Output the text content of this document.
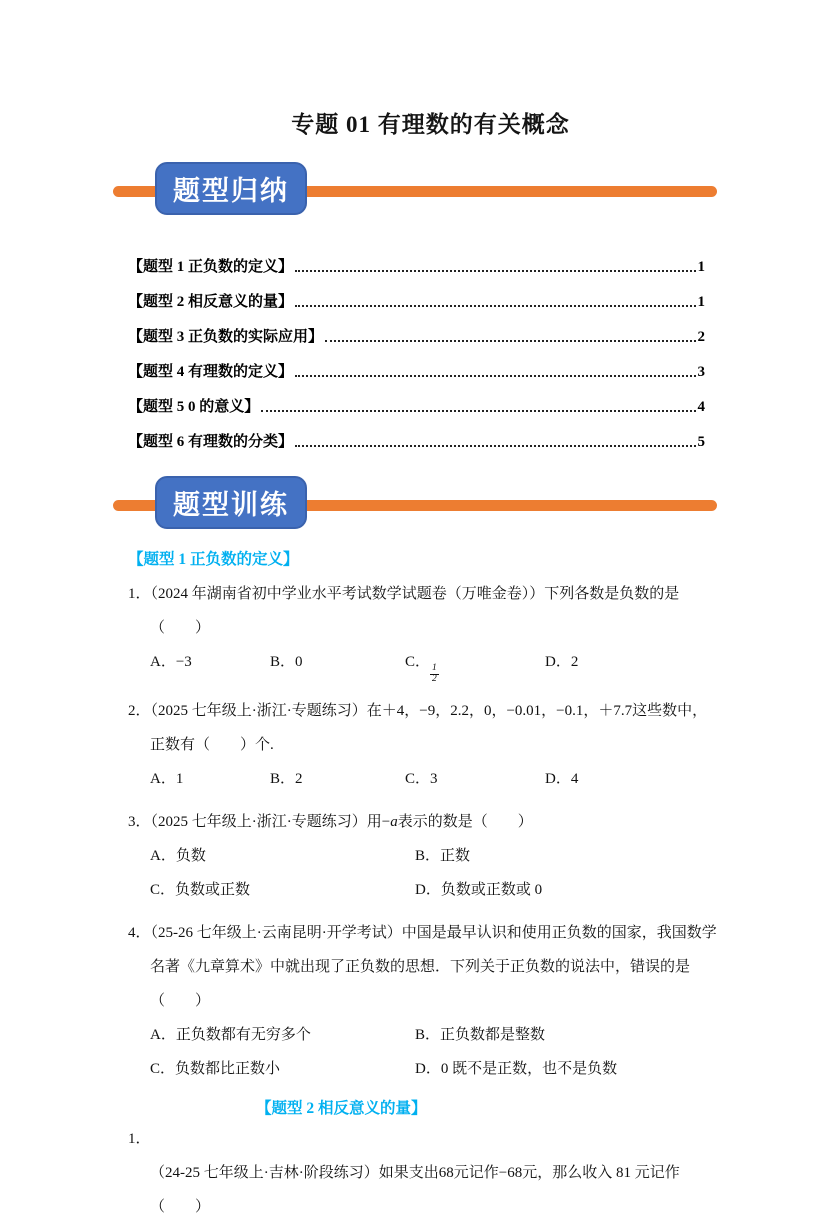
专题 01 有理数的有关概念
题型归纳
【题型 1 正负数的定义】	1
【题型 2 相反意义的量】	1
【题型 3 正负数的实际应用】	2
【题型 4 有理数的定义】	3
【题型 5 0 的意义】	4
【题型 6 有理数的分类】	5
题型训练
【题型 1 正负数的定义】
1．（2024 年湖南省初中学业水平考试数学试题卷（万唯金卷））下列各数是负数的是
（　　）
A．−3	B．0	C．
$\frac{1}{2}$
D．2
2．（2025 七年级上·浙江·专题练习）在＋4，−9，2.2，0，−0.01，−0.1，＋7.7这些数中，
正数有（　　）个.
A．1	B．2	C．3	D．4
3．（2025 七年级上·浙江·专题练习）用−a表示的数是（　　）
A．负数	B．正数
C．负数或正数	D．负数或正数或 0
4．（25-26 七年级上·云南昆明·开学考试）中国是最早认识和使用正负数的国家，我国数学
名著《九章算术》中就出现了正负数的思想．下列关于正负数的说法中，错误的是（　　）
A．正负数都有无穷多个	B．正负数都是整数
C．负数都比正数小	D．0 既不是正数，也不是负数
【题型 2 相反意义的量】
1．（24-25 七年级上·吉林·阶段练习）如果支出68元记作−68元，那么收入 81 元记作（　　）
